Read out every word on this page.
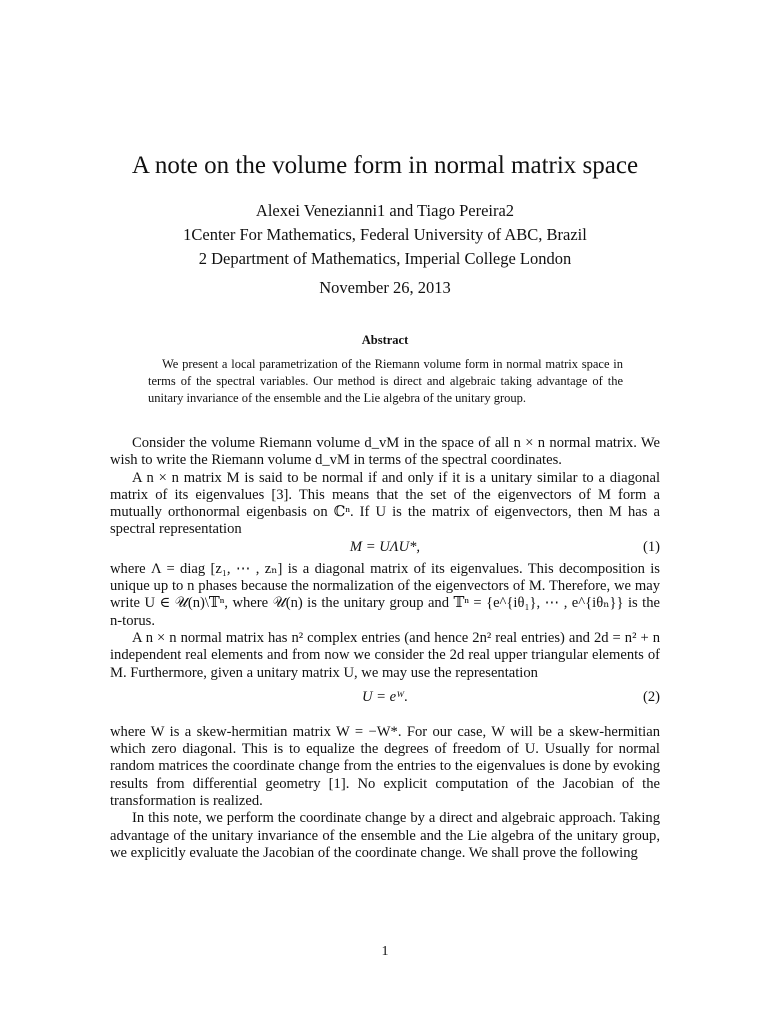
A note on the volume form in normal matrix space
Alexei Venezianni1 and Tiago Pereira2
1Center For Mathematics, Federal University of ABC, Brazil
2 Department of Mathematics, Imperial College London
November 26, 2013
Abstract
We present a local parametrization of the Riemann volume form in normal matrix space in terms of the spectral variables. Our method is direct and algebraic taking advantage of the unitary invariance of the ensemble and the Lie algebra of the unitary group.

Consider the volume Riemann volume d_vM in the space of all n × n normal matrix. We wish to write the Riemann volume d_vM in terms of the spectral coordinates.

A n × n matrix M is said to be normal if and only if it is a unitary similar to a diagonal matrix of its eigenvalues [3]. This means that the set of the eigenvectors of M form a mutually orthonormal eigenbasis on ℂⁿ. If U is the matrix of eigenvectors, then M has a spectral representation

M = UΛU*,	(1)

where Λ = diag [z₁, ⋯ , zₙ] is a diagonal matrix of its eigenvalues. This decomposition is unique up to n phases because the normalization of the eigenvectors of M. Therefore, we may write U ∈ 𝒰(n)\𝕋ⁿ, where 𝒰(n) is the unitary group and 𝕋ⁿ = {e^{iθ₁}, ⋯ , e^{iθₙ}} is the n-torus.

A n × n normal matrix has n² complex entries (and hence 2n² real entries) and 2d = n² + n independent real elements and from now we consider the 2d real upper triangular elements of M. Furthermore, given a unitary matrix U, we may use the representation

U = eᵂ.	(2)

where W is a skew-hermitian matrix W = −W*. For our case, W will be a skew-hermitian which zero diagonal. This is to equalize the degrees of freedom of U. Usually for normal random matrices the coordinate change from the entries to the eigenvalues is done by evoking results from differential geometry [1]. No explicit computation of the Jacobian of the transformation is realized.

In this note, we perform the coordinate change by a direct and algebraic approach. Taking advantage of the unitary invariance of the ensemble and the Lie algebra of the unitary group, we explicitly evaluate the Jacobian of the coordinate change. We shall prove the following

1
